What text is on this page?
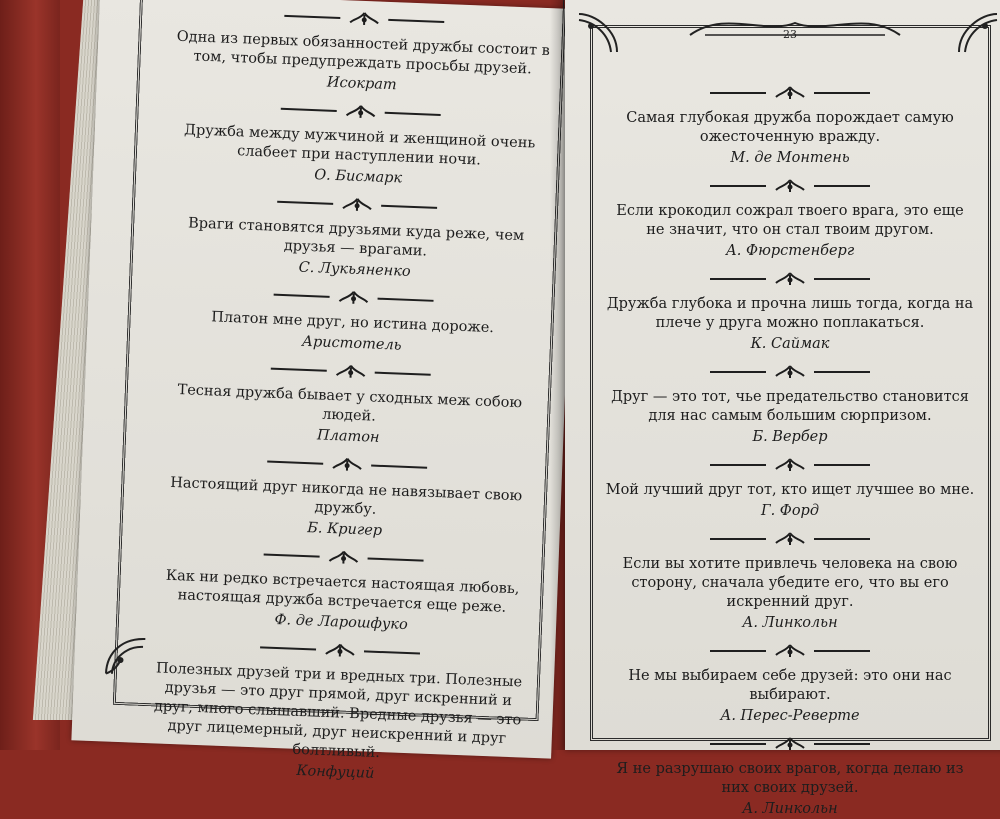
Одна из первых обязанностей дружбы состоит в том, чтобы предупреждать просьбы друзей.

Исократ

Дружба между мужчиной и женщиной очень слабеет при наступлении ночи.

О. Бисмарк

Враги становятся друзьями куда реже, чем друзья — врагами.

С. Лукьяненко

Платон мне друг, но истина дороже.

Аристотель

Тесная дружба бывает у сходных меж собою людей.

Платон

Настоящий друг никогда не навязывает свою дружбу.

Б. Кригер

Как ни редко встречается настоящая любовь, настоящая дружба встречается еще реже.

Ф. де Ларошфуко

Полезных друзей три и вредных три. Полезные друзья — это друг прямой, друг искренний и друг, много слышавший. Вредные друзья — это друг лицемерный, друг неискренний и друг болтливый.

Конфуций

23

Самая глубокая дружба порождает самую ожесточенную вражду.

М. де Монтень

Если крокодил сожрал твоего врага, это еще не значит, что он стал твоим другом.

А. Фюрстенберг

Дружба глубока и прочна лишь тогда, когда на плече у друга можно поплакаться.

К. Саймак

Друг — это тот, чье предательство становится для нас самым большим сюрпризом.

Б. Вербер

Мой лучший друг тот, кто ищет лучшее во мне.

Г. Форд

Если вы хотите привлечь человека на свою сторону, сначала убедите его, что вы его искренний друг.

А. Линкольн

Не мы выбираем себе друзей: это они нас выбирают.

А. Перес-Реверте

Я не разрушаю своих врагов, когда делаю из них своих друзей.

А. Линкольн
